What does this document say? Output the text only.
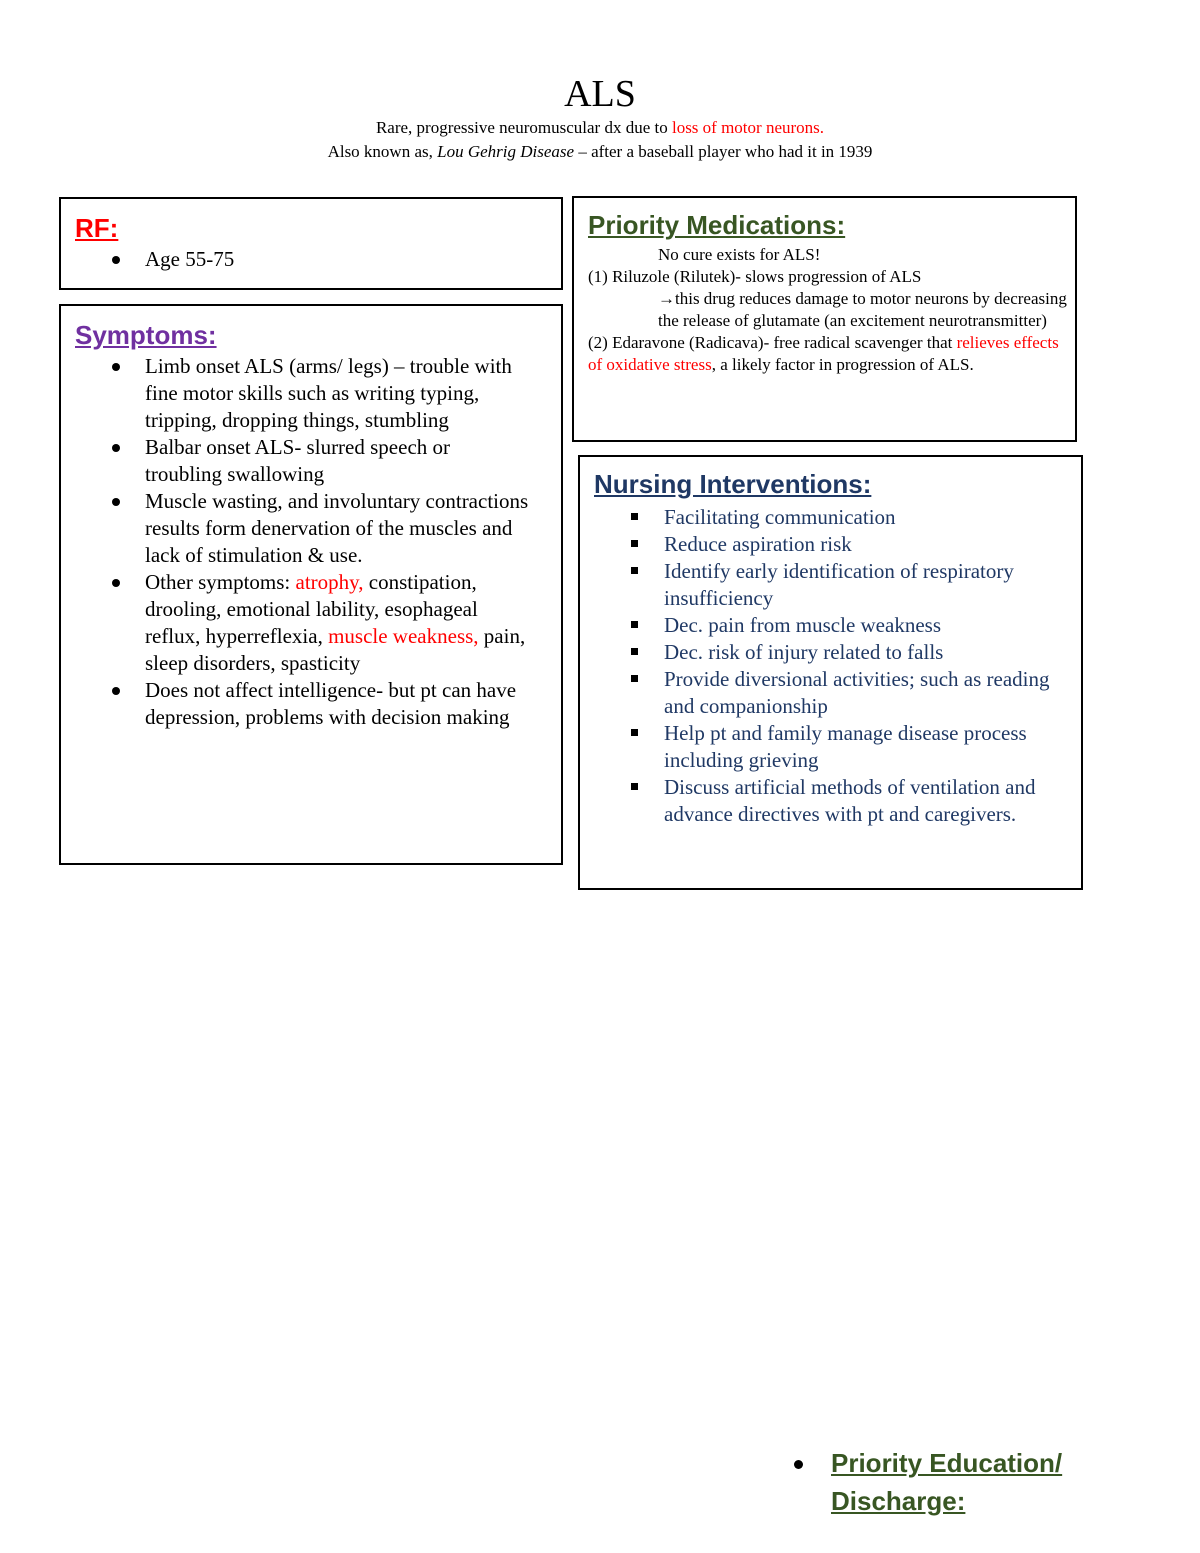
ALS
Rare, progressive neuromuscular dx due to loss of motor neurons.
Also known as, Lou Gehrig Disease – after a baseball player who had it in 1939
RF:
Age 55-75
Symptoms:
Limb onset ALS (arms/ legs) – trouble with fine motor skills such as writing typing, tripping, dropping things, stumbling
Balbar onset ALS- slurred speech or troubling swallowing
Muscle wasting, and involuntary contractions results form denervation of the muscles and lack of stimulation & use.
Other symptoms: atrophy, constipation, drooling, emotional lability, esophageal reflux, hyperreflexia, muscle weakness, pain, sleep disorders, spasticity
Does not affect intelligence- but pt can have depression, problems with decision making
Priority Medications:
No cure exists for ALS!
(1) Riluzole (Rilutek)- slows progression of ALS
→this drug reduces damage to motor neurons by decreasing the release of glutamate (an excitement neurotransmitter)
(2) Edaravone (Radicava)- free radical scavenger that relieves effects of oxidative stress, a likely factor in progression of ALS.
Nursing Interventions:
Facilitating communication
Reduce aspiration risk
Identify early identification of respiratory insufficiency
Dec. pain from muscle weakness
Dec. risk of injury related to falls
Provide diversional activities; such as reading and companionship
Help pt and family manage disease process including grieving
Discuss artificial methods of ventilation and advance directives with pt and caregivers.
Priority Education/ Discharge:
